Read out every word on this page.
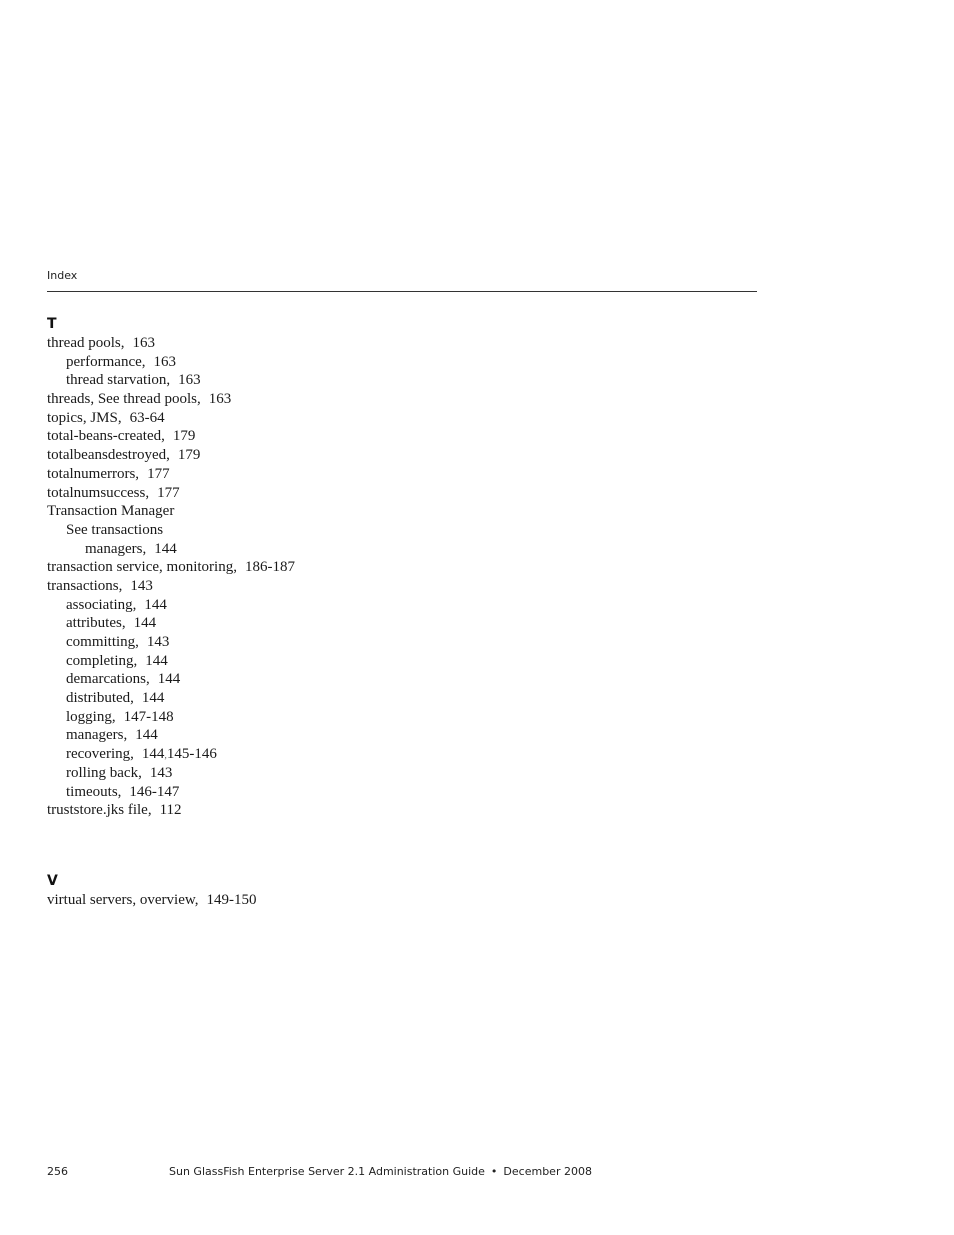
Index
T
thread pools, 163
performance, 163
thread starvation, 163
threads, See thread pools, 163
topics, JMS, 63-64
total-beans-created, 179
totalbeansdestroyed, 179
totalnumerrors, 177
totalnumsuccess, 177
Transaction Manager
See transactions
managers, 144
transaction service, monitoring, 186-187
transactions, 143
associating, 144
attributes, 144
committing, 143
completing, 144
demarcations, 144
distributed, 144
logging, 147-148
managers, 144
recovering, 144,145-146
rolling back, 143
timeouts, 146-147
truststore.jks file, 112
V
virtual servers, overview, 149-150
256	Sun GlassFish Enterprise Server 2.1 Administration Guide • December 2008
